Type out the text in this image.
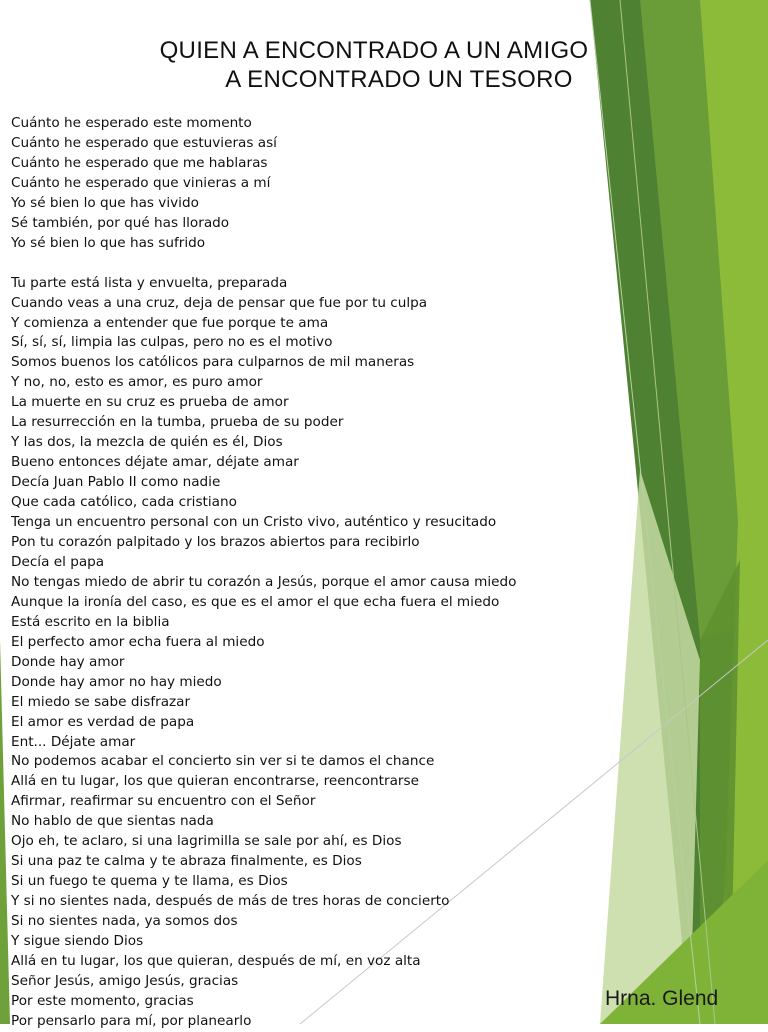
QUIEN A ENCONTRADO A UN AMIGO
A ENCONTRADO UN TESORO
Cuánto he esperado este momento
Cuánto he esperado que estuvieras así
Cuánto he esperado que me hablaras
Cuánto he esperado que vinieras a mí
Yo sé bien lo que has vivido
Sé también, por qué has llorado
Yo sé bien lo que has sufrido
Tu parte está lista y envuelta, preparada
Cuando veas a una cruz, deja de pensar que fue por tu culpa
Y comienza a entender que fue porque te ama
Sí, sí, sí, limpia las culpas, pero no es el motivo
Somos buenos los católicos para culparnos de mil maneras
Y no, no, esto es amor, es puro amor
La muerte en su cruz es prueba de amor
La resurrección en la tumba, prueba de su poder
Y las dos, la mezcla de quién es él, Dios
Bueno entonces déjate amar, déjate amar
Decía Juan Pablo II como nadie
Que cada católico, cada cristiano
Tenga un encuentro personal con un Cristo vivo, auténtico y resucitado
Pon tu corazón palpitado y los brazos abiertos para recibirlo
Decía el papa
No tengas miedo de abrir tu corazón a Jesús, porque el amor causa miedo
Aunque la ironía del caso, es que es el amor el que echa fuera el miedo
Está escrito en la biblia
El perfecto amor echa fuera al miedo
Donde hay amor
Donde hay amor no hay miedo
El miedo se sabe disfrazar
El amor es verdad de papa
Ent... Déjate amar
No podemos acabar el concierto sin ver si te damos el chance
Allá en tu lugar, los que quieran encontrarse, reencontrarse
Afirmar, reafirmar su encuentro con el Señor
No hablo de que sientas nada
Ojo eh, te aclaro, si una lagrimilla se sale por ahí, es Dios
Si una paz te calma y te abraza finalmente, es Dios
Si un fuego te quema y te llama, es Dios
Y si no sientes nada, después de más de tres horas de concierto
Si no sientes nada, ya somos dos
Y sigue siendo Dios
Allá en tu lugar, los que quieran, después de mí, en voz alta
Señor Jesús, amigo Jesús, gracias
Por este momento, gracias
Por pensarlo para mí, por planearlo
Hrna. Glend
